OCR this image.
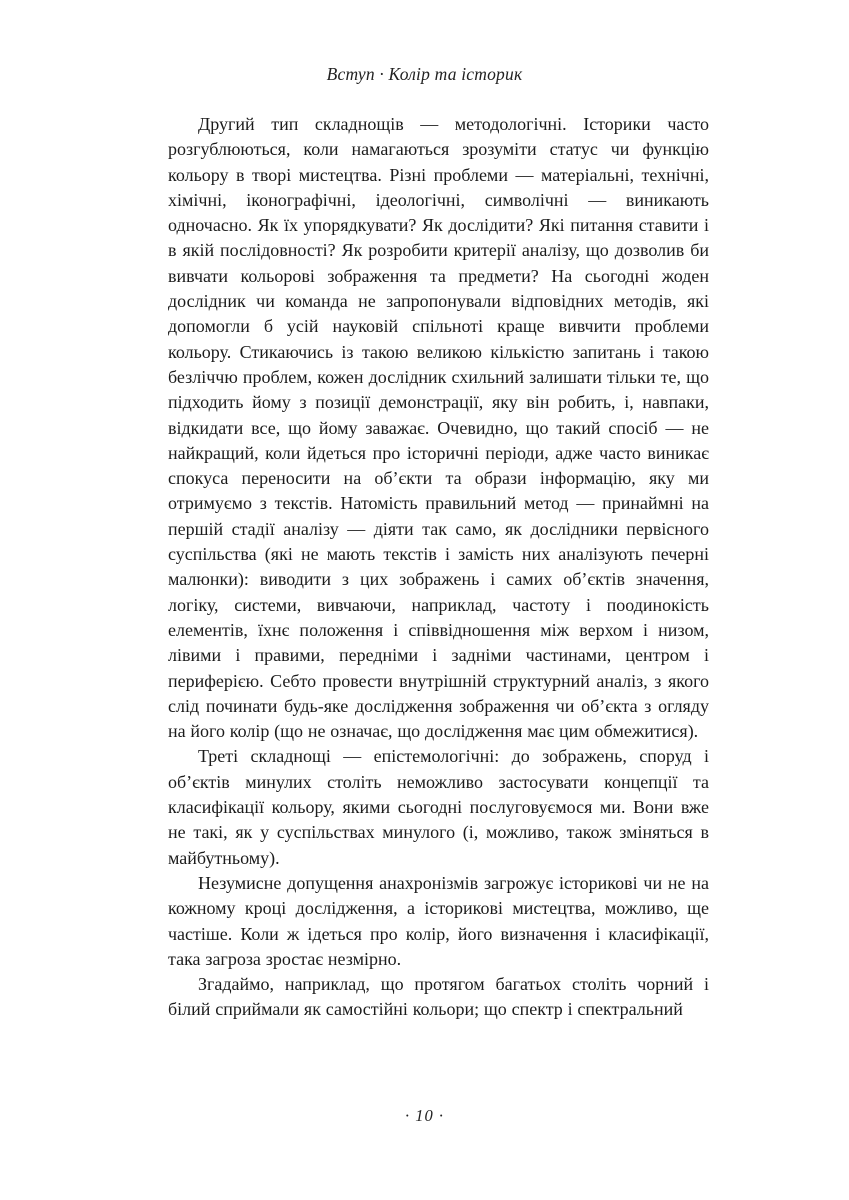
Вступ · Колір та історик

Другий тип складнощів — методологічні. Історики часто розгублюються, коли намагаються зрозуміти статус чи функцію кольору в творі мистецтва. Різні проблеми — матеріальні, технічні, хімічні, іконографічні, ідеологічні, символічні — виникають одночасно. Як їх упорядкувати? Як дослідити? Які питання ставити і в якій послідовності? Як розробити критерії аналізу, що дозволив би вивчати кольорові зображення та предмети? На сьогодні жоден дослідник чи команда не запропонували відповідних методів, які допомогли б усій науковій спільноті краще вивчити проблеми кольору. Стикаючись із такою великою кількістю запитань і такою безліччю проблем, кожен дослідник схильний залишати тільки те, що підходить йому з позиції демонстрації, яку він робить, і, навпаки, відкидати все, що йому заважає. Очевидно, що такий спосіб — не найкращий, коли йдеться про історичні періоди, адже часто виникає спокуса переносити на об’єкти та образи інформацію, яку ми отримуємо з текстів. Натомість правильний метод — принаймні на першій стадії аналізу — діяти так само, як дослідники первісного суспільства (які не мають текстів і замість них аналізують печерні малюнки): виводити з цих зображень і самих об’єктів значення, логіку, системи, вивчаючи, наприклад, частоту і поодинокість елементів, їхнє положення і співвідношення між верхом і низом, лівими і правими, передніми і задніми частинами, центром і периферією. Себто провести внутрішній структурний аналіз, з якого слід починати будь-яке дослідження зображення чи об’єкта з огляду на його колір (що не означає, що дослідження має цим обмежитися).

Треті складнощі — епістемологічні: до зображень, споруд і об’єктів минулих століть неможливо застосувати концепції та класифікації кольору, якими сьогодні послуговуємося ми. Вони вже не такі, як у суспільствах минулого (і, можливо, також зміняться в майбутньому).

Незумисне допущення анахронізмів загрожує історикові чи не на кожному кроці дослідження, а історикові мистецтва, можливо, ще частіше. Коли ж ідеться про колір, його визначення і класифікації, така загроза зростає незмірно.

Згадаймо, наприклад, що протягом багатьох століть чорний і білий сприймали як самостійні кольори; що спектр і спектральний

· 10 ·
